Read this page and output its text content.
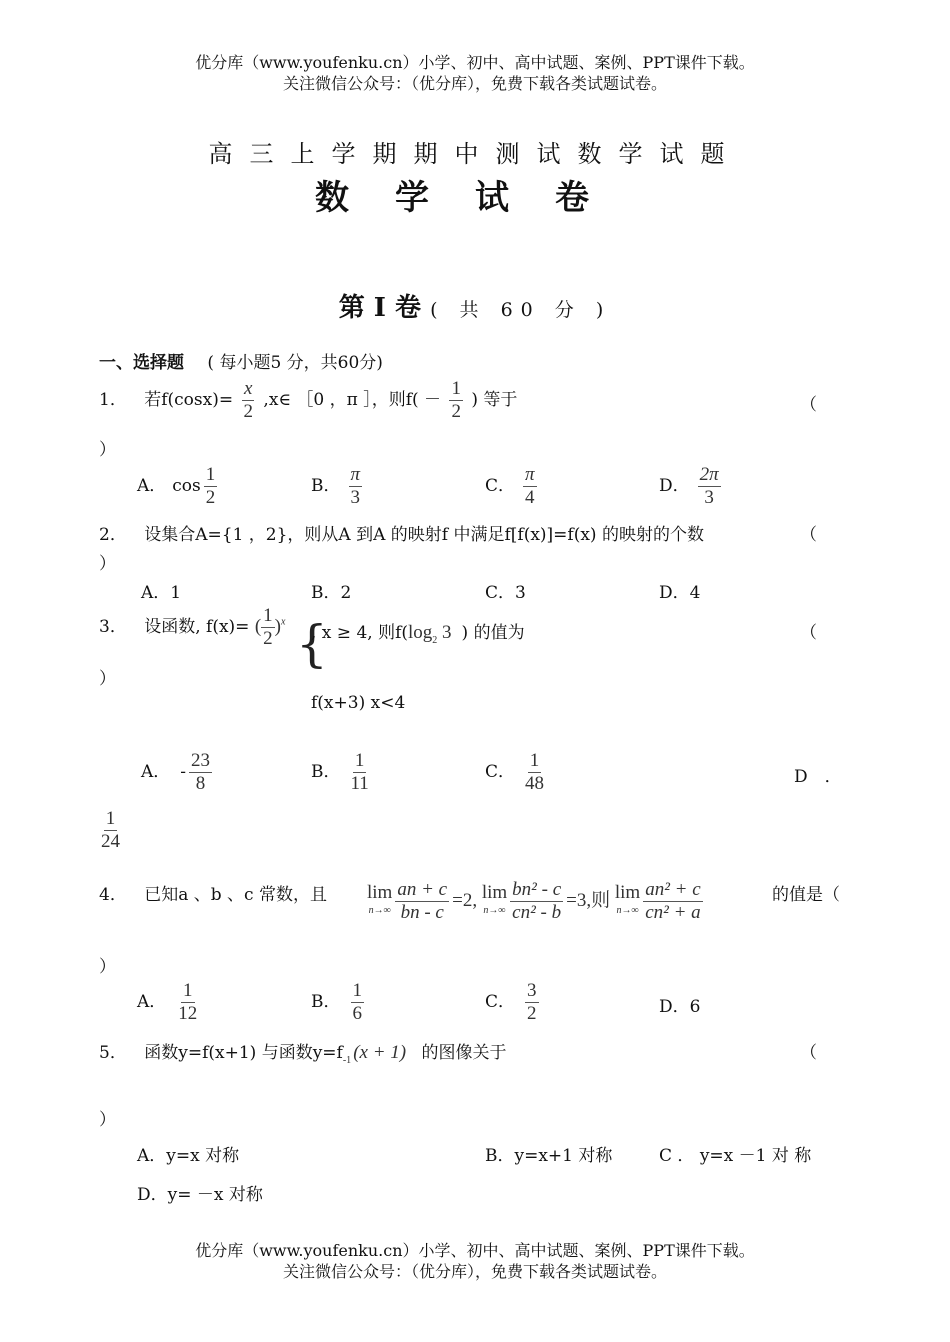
优分库（www.youfenku.cn）小学、初中、高中试题、案例、PPT课件下载。
关注微信公众号：（优分库），免费下载各类试题试卷。
高三上学期期中测试数学试题
数学试卷
第 I 卷 ( 共 60 分 )
一、选择题 ( 每小题5 分，共60分)
1． 若$f(\cos x)= \frac{x}{2}$ ,x∈ ［0 ，π ］，则$f( - \frac{1}{2}$ ) 等于	（
）
A． $\cos \frac{1}{2}$	B． $\frac{\pi}{3}$	C． $\frac{\pi}{4}$	D． $\frac{2\pi}{3}$
2． 设集合A={1 ，2}，则从A 到A 的映射f 中满足f[f(x)]=f(x) 的映射的个数	（
）
A．1	B．2	C．3	D．4
3． 设函数, f(x)= ( $\frac{1}{2} )^x$ {
, x ≥ 4, 则$f(\log_2$ 3 ) 的值为	（
）
f(x+3) x<4
A． - $\frac{23}{8}$	B． $\frac{1}{11}$	C． $\frac{1}{48}$	D　．
$\frac{1}{24}$
4． 已知a 、b 、c 常数，且 lim
$n\to\infty \frac{an + c}{bn - c} =2$, lim
$n\to\infty \frac{\text{bn² - c}}{\text{cn² - b}} =3$,则 lim
$n\to\infty \frac{\text{an² + c}}{\text{cn² + a}}$	的值是（
）
A． $\frac{1}{12}$	B． $\frac{1}{6}$	C． $\frac{3}{2}$	D．6
5． 函数y=f(x+1) 与函数$y=f_{-1}$ (x + 1) 的图像关于	（
）
A．y=x 对称	B．y=x+1 对称	C ． y=x －1 对 称
D．y= －x 对称
优分库（www.youfenku.cn）小学、初中、高中试题、案例、PPT课件下载。
关注微信公众号：（优分库），免费下载各类试题试卷。
